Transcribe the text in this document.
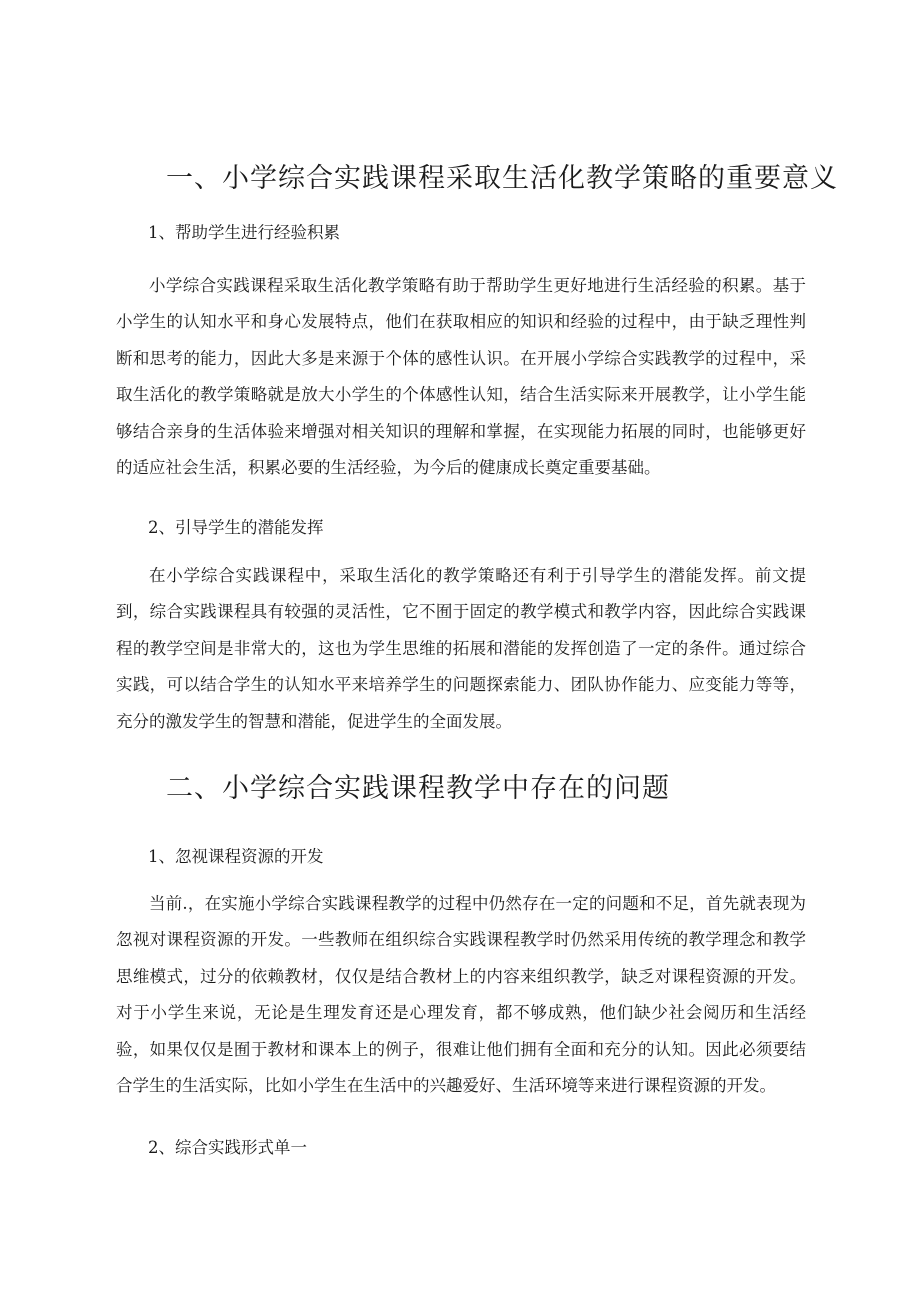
一、小学综合实践课程采取生活化教学策略的重要意义
1、帮助学生进行经验积累

小学综合实践课程采取生活化教学策略有助于帮助学生更好地进行生活经验的积累。基于小学生的认知水平和身心发展特点，他们在获取相应的知识和经验的过程中，由于缺乏理性判断和思考的能力，因此大多是来源于个体的感性认识。在开展小学综合实践教学的过程中，采取生活化的教学策略就是放大小学生的个体感性认知，结合生活实际来开展教学，让小学生能够结合亲身的生活体验来增强对相关知识的理解和掌握，在实现能力拓展的同时，也能够更好的适应社会生活，积累必要的生活经验，为今后的健康成长奠定重要基础。

2、引导学生的潜能发挥

在小学综合实践课程中，采取生活化的教学策略还有利于引导学生的潜能发挥。前文提到，综合实践课程具有较强的灵活性，它不囿于固定的教学模式和教学内容，因此综合实践课程的教学空间是非常大的，这也为学生思维的拓展和潜能的发挥创造了一定的条件。通过综合实践，可以结合学生的认知水平来培养学生的问题探索能力、团队协作能力、应变能力等等，充分的激发学生的智慧和潜能，促进学生的全面发展。

二、小学综合实践课程教学中存在的问题
1、忽视课程资源的开发

当前.，在实施小学综合实践课程教学的过程中仍然存在一定的问题和不足，首先就表现为忽视对课程资源的开发。一些教师在组织综合实践课程教学时仍然采用传统的教学理念和教学思维模式，过分的依赖教材，仅仅是结合教材上的内容来组织教学，缺乏对课程资源的开发。对于小学生来说，无论是生理发育还是心理发育，都不够成熟，他们缺少社会阅历和生活经验，如果仅仅是囿于教材和课本上的例子，很难让他们拥有全面和充分的认知。因此必须要结合学生的生活实际，比如小学生在生活中的兴趣爱好、生活环境等来进行课程资源的开发。

2、综合实践形式单一
